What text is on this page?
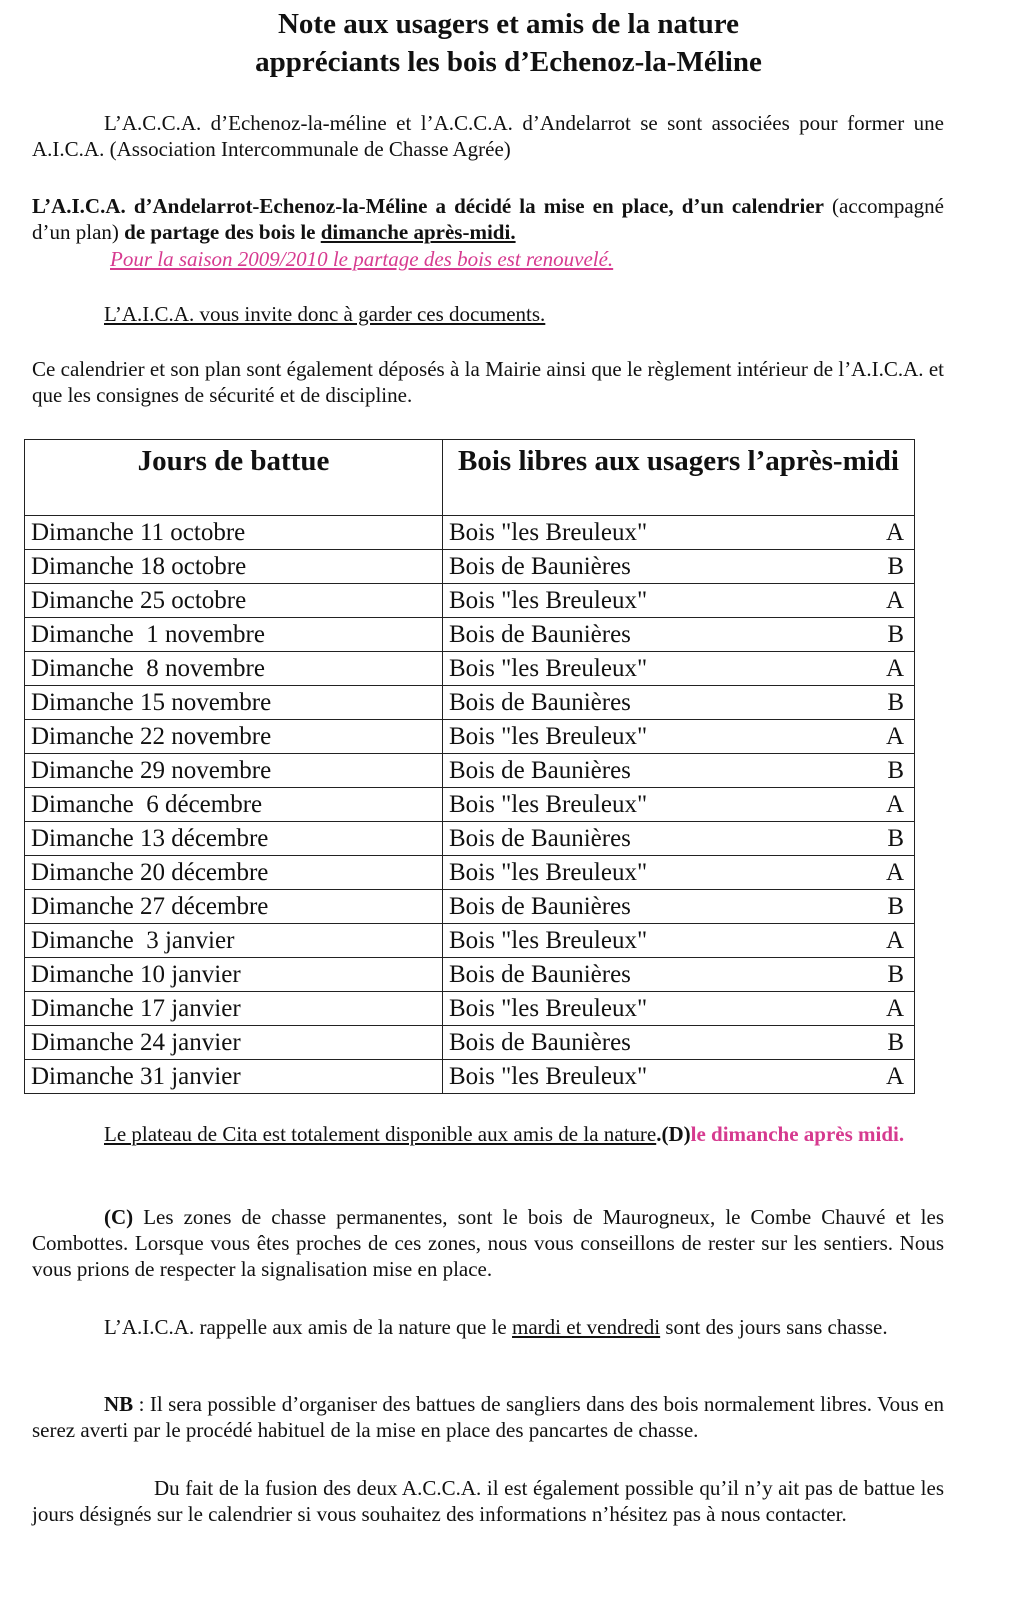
Note aux usagers et amis de la nature
appréciants les bois d’Echenoz-la-Méline
L’A.C.C.A. d’Echenoz-la-méline et l’A.C.C.A. d’Andelarrot se sont associées pour former une A.I.C.A. (Association Intercommunale de Chasse Agrée)
L’A.I.C.A. d’Andelarrot-Echenoz-la-Méline a décidé la mise en place, d’un calendrier (accompagné d’un plan) de partage des bois le dimanche après-midi.
Pour la saison 2009/2010 le partage des bois est renouvelé.
L’A.I.C.A. vous invite donc à garder ces documents.
Ce calendrier et son plan sont également déposés à la Mairie ainsi que le règlement intérieur de l’A.I.C.A. et que les consignes de sécurité et de discipline.
Jours de battue	Bois libres aux usagers l’après-midi
Dimanche 11 octobre	Bois "les Breuleux" A

Dimanche 18 octobre	Bois de Baunières B

Dimanche 25 octobre	Bois "les Breuleux" A

Dimanche  1 novembre	Bois de Baunières B

Dimanche  8 novembre	Bois "les Breuleux" A

Dimanche 15 novembre	Bois de Baunières B

Dimanche 22 novembre	Bois "les Breuleux" A

Dimanche 29 novembre	Bois de Baunières B

Dimanche  6 décembre	Bois "les Breuleux" A

Dimanche 13 décembre	Bois de Baunières B

Dimanche 20 décembre	Bois "les Breuleux" A

Dimanche 27 décembre	Bois de Baunières B

Dimanche  3 janvier	Bois "les Breuleux" A

Dimanche 10 janvier	Bois de Baunières B

Dimanche 17 janvier	Bois "les Breuleux" A

Dimanche 24 janvier	Bois de Baunières B

Dimanche 31 janvier	Bois "les Breuleux" A
Le plateau de Cita est totalement disponible aux amis de la nature.(D)le dimanche après midi.
(C) Les zones de chasse permanentes, sont le bois de Maurogneux, le Combe Chauvé et les Combottes. Lorsque vous êtes proches de ces zones, nous vous conseillons de rester sur les sentiers. Nous vous prions de respecter la signalisation mise en place.
L’A.I.C.A. rappelle aux amis de la nature que le mardi et vendredi sont des jours sans chasse.
NB : Il sera possible d’organiser des battues de sangliers dans des bois normalement libres. Vous en serez averti par le procédé habituel de la mise en place des pancartes de chasse.
Du fait de la fusion des deux A.C.C.A. il est également possible qu’il n’y ait pas de battue les jours désignés sur le calendrier si vous souhaitez des informations n’hésitez pas à nous contacter.
